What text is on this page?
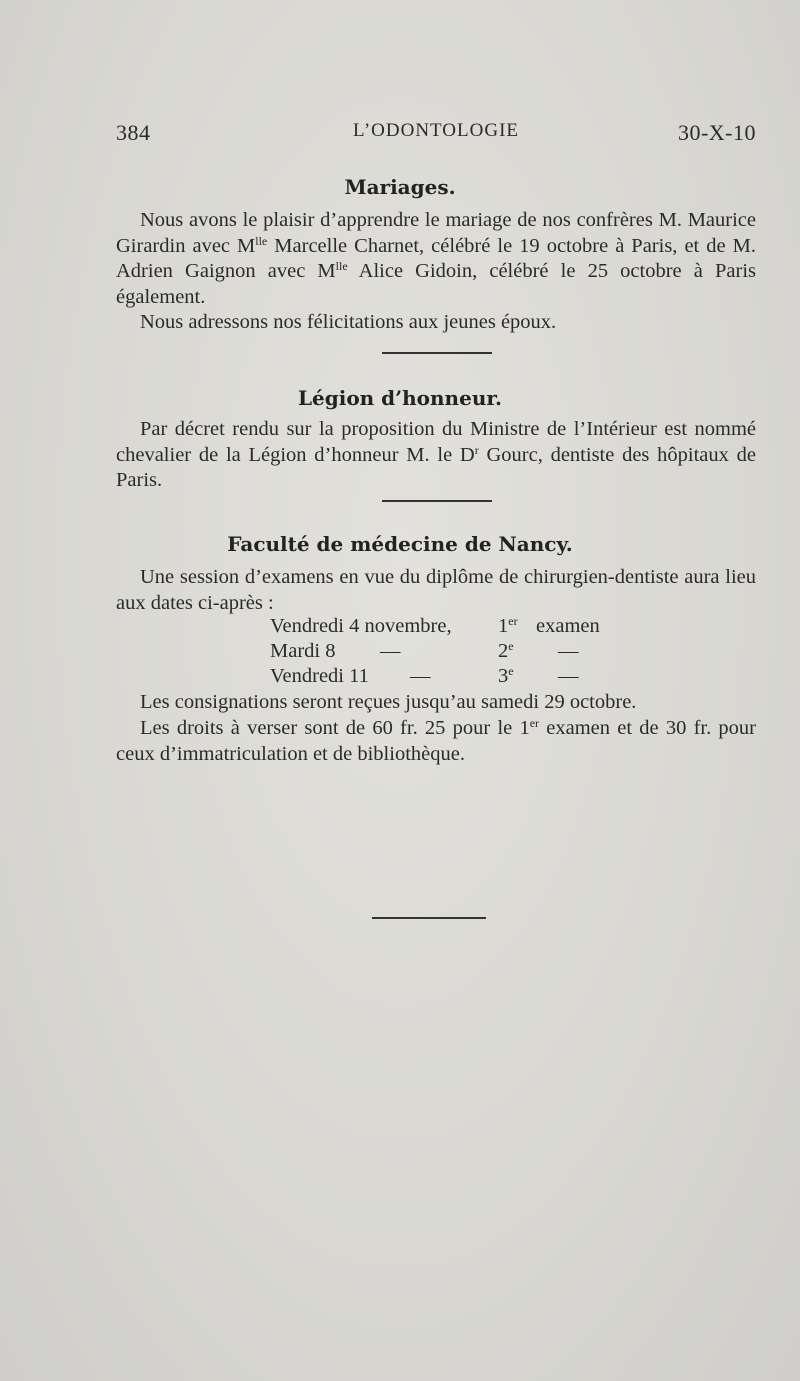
384	L’ODONTOLOGIE	30-X-10
Mariages.
Nous avons le plaisir d’apprendre le mariage de nos confrères M. Maurice Girardin avec $M^{lle}$ Marcelle Charnet, célébré le 19 octobre à Paris, et de M. Adrien Gaignon avec $M^{lle}$ Alice Gidoin, célébré le 25 octobre à Paris également.
Nous adressons nos félicitations aux jeunes époux.
Légion d’honneur.
Par décret rendu sur la proposition du Ministre de l’Intérieur est nommé chevalier de la Légion d’honneur M. le $D^r$ Gourc, dentiste des hôpitaux de Paris.
Faculté de médecine de Nancy.
Une session d’examens en vue du diplôme de chirurgien-dentiste aura lieu aux dates ci-après :
Vendredi 4 novembre, 1er examen
Mardi 8 —	2e —
Vendredi 11 —	3e —
Les consignations seront reçues jusqu’au samedi 29 octobre.
Les droits à verser sont de 60 fr. 25 pour le 1er examen et de 30 fr. pour ceux d’immatriculation et de bibliothèque.
